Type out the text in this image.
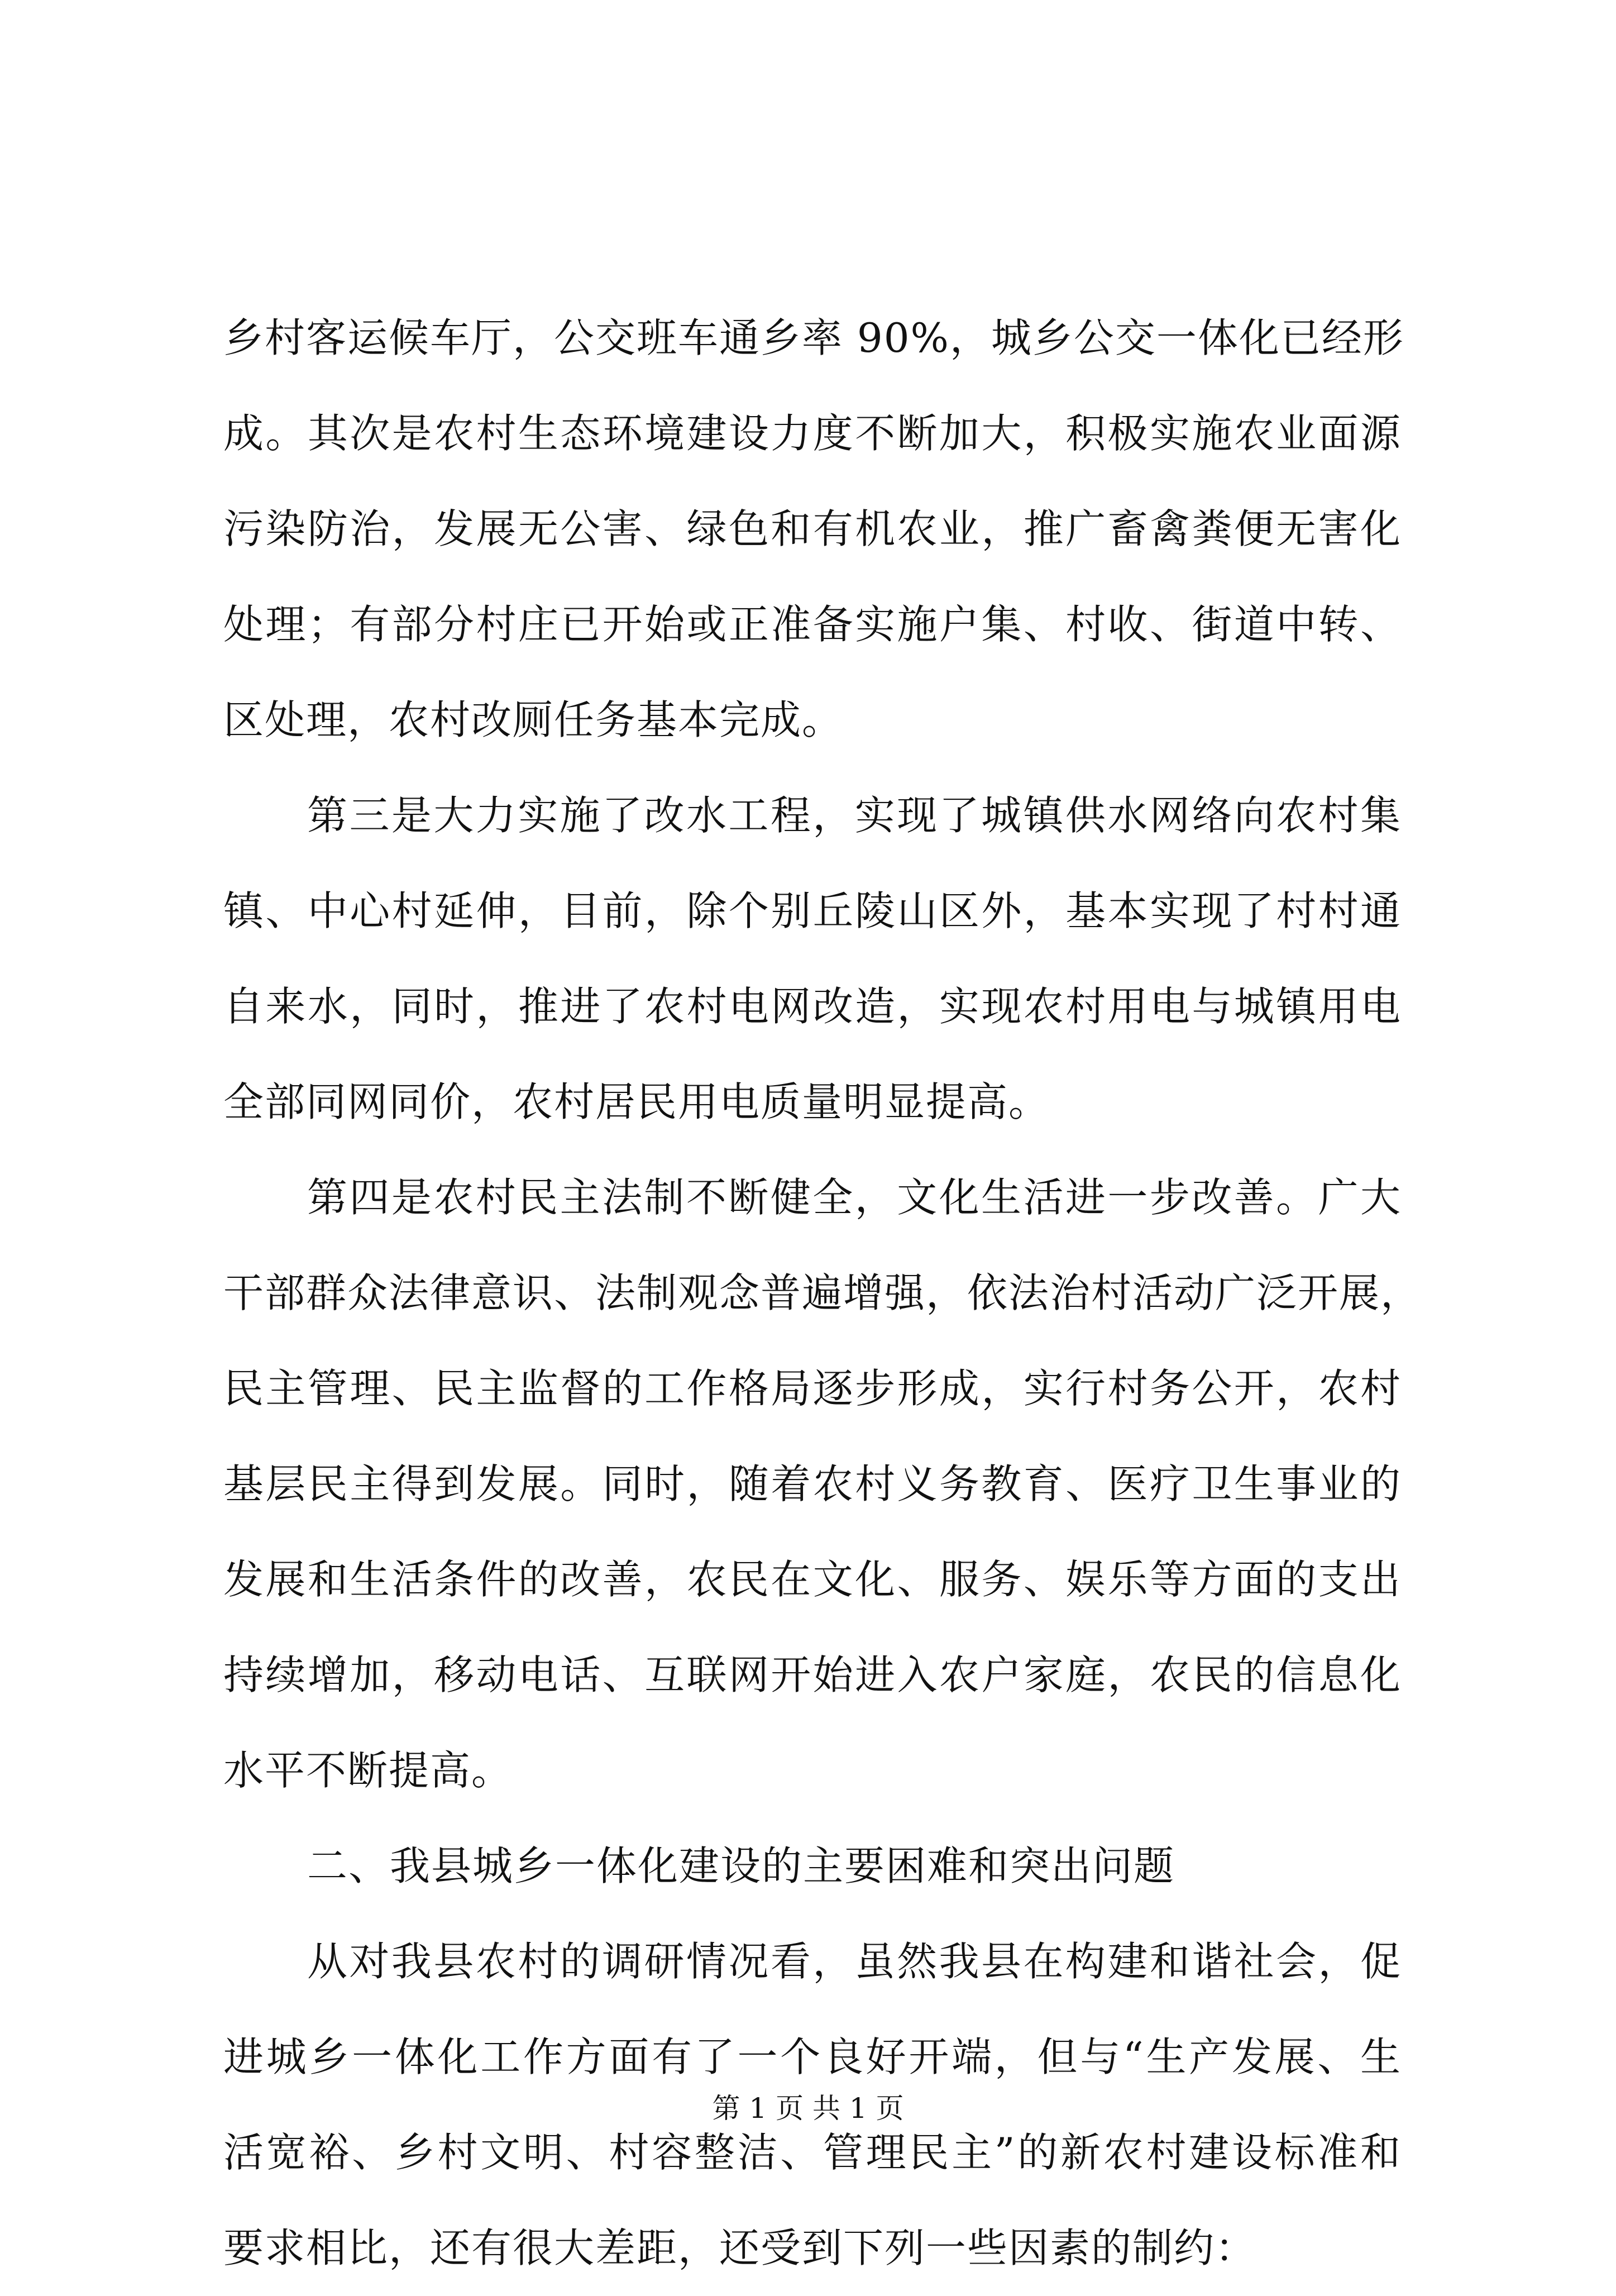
乡村客运候车厅，公交班车通乡率 90%，城乡公交一体化已经形
成。其次是农村生态环境建设力度不断加大，积极实施农业面源
污染防治，发展无公害、绿色和有机农业，推广畜禽粪便无害化
处理；有部分村庄已开始或正准备实施户集、村收、街道中转、
区处理，农村改厕任务基本完成。
第三是大力实施了改水工程，实现了城镇供水网络向农村集
镇、中心村延伸，目前，除个别丘陵山区外，基本实现了村村通
自来水，同时，推进了农村电网改造，实现农村用电与城镇用电
全部同网同价，农村居民用电质量明显提高。
第四是农村民主法制不断健全，文化生活进一步改善。广大
干部群众法律意识、法制观念普遍增强，依法治村活动广泛开展，
民主管理、民主监督的工作格局逐步形成，实行村务公开，农村
基层民主得到发展。同时，随着农村义务教育、医疗卫生事业的
发展和生活条件的改善，农民在文化、服务、娱乐等方面的支出
持续增加，移动电话、互联网开始进入农户家庭，农民的信息化
水平不断提高。
二、我县城乡一体化建设的主要困难和突出问题
从对我县农村的调研情况看，虽然我县在构建和谐社会，促
进城乡一体化工作方面有了一个良好开端，但与“生产发展、生
活宽裕、乡村文明、村容整洁、管理民主”的新农村建设标准和
要求相比，还有很大差距，还受到下列一些因素的制约：
第 1 页 共 1 页
